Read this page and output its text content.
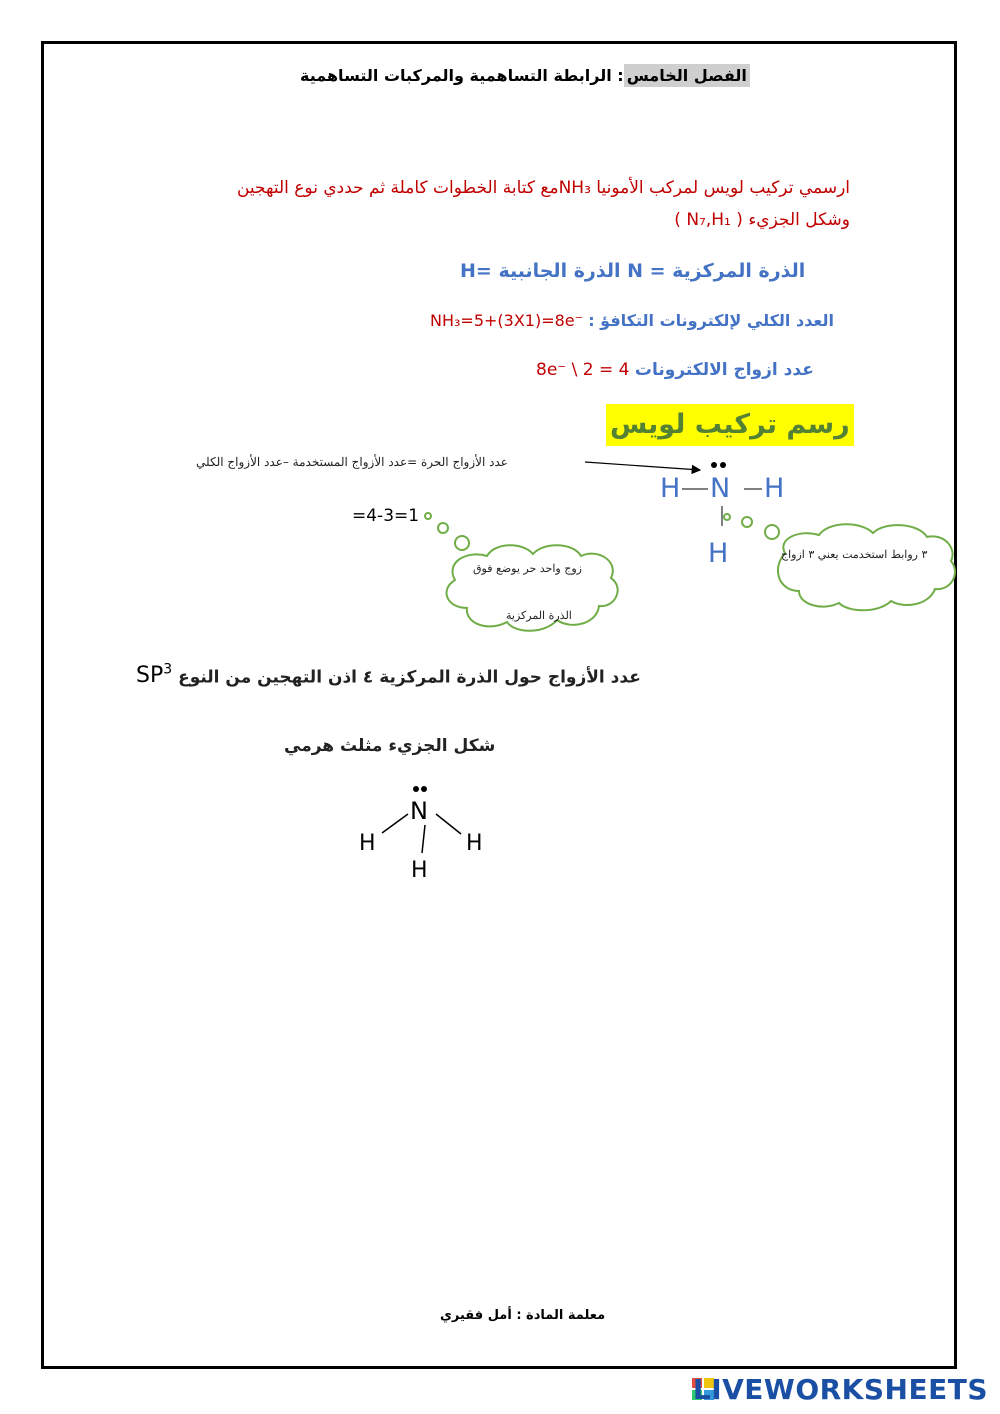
الفصل الخامس: الرابطة التساهمية والمركبات التساهمية
ارسمي تركيب لويس لمركب الأمونيا NH₃مع كتابة الخطوات كاملة ثم حددي نوع التهجين
وشكل الجزيء ( N₇,H₁ )
الذرة المركزية = N الذرة الجانبية =H
العدد الكلي لإلكترونات التكافؤ : NH₃=5+(3X1)=8e⁻
عدد ازواج الالكترونات 8e⁻ \ 2 = 4
رسم تركيب لويس
عدد الأزواج الحرة =عدد الأزواج المستخدمة –عدد الأزواج الكلي
=4-3=1
H N H
H
زوج واحد حر يوضع فوق
الذرة المركزية
٣ روابط استخدمت يعني ٣ ازواج
عدد الأزواج حول الذرة المركزية ٤ اذن التهجين من النوع $SP^3$
شكل الجزيء مثلث هرمي
N
H	H
H
معلمة المادة : أمل فقيري
LIVEWORKSHEETS
